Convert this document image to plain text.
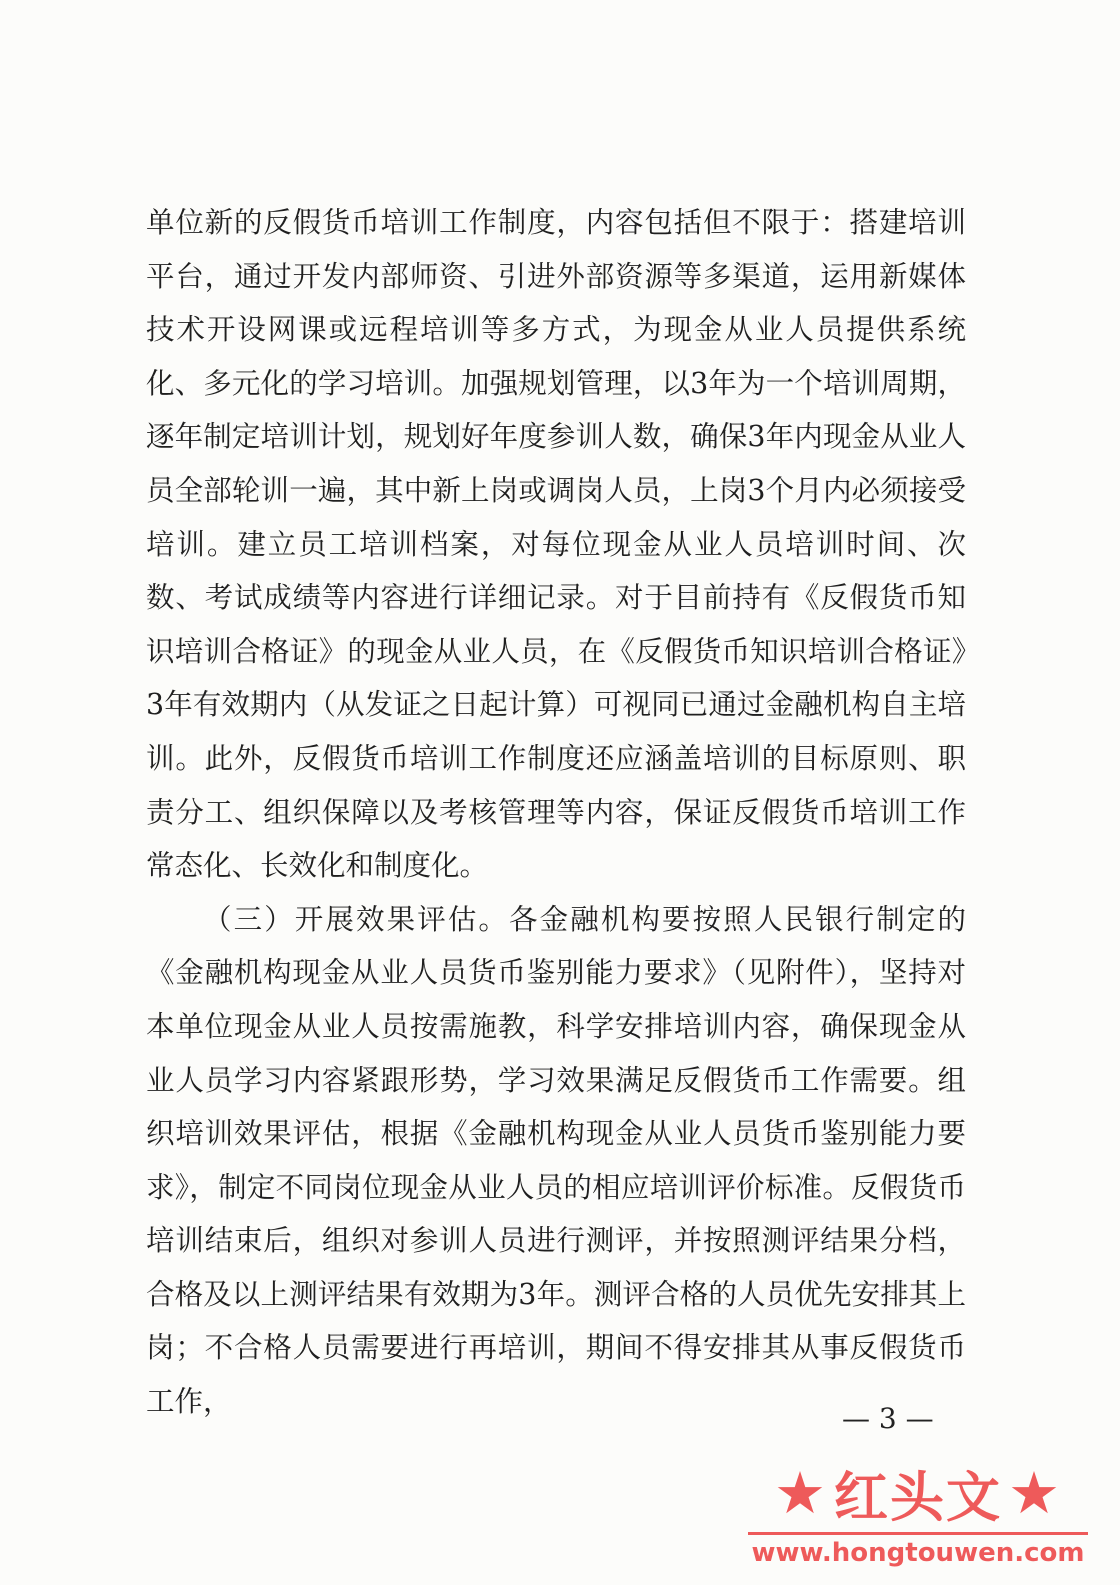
单位新的反假货币培训工作制度，内容包括但不限于：搭建培训平台，通过开发内部师资、引进外部资源等多渠道，运用新媒体技术开设网课或远程培训等多方式，为现金从业人员提供系统化、多元化的学习培训。加强规划管理，以3年为一个培训周期，逐年制定培训计划，规划好年度参训人数，确保3年内现金从业人员全部轮训一遍，其中新上岗或调岗人员，上岗3个月内必须接受培训。建立员工培训档案，对每位现金从业人员培训时间、次数、考试成绩等内容进行详细记录。对于目前持有《反假货币知识培训合格证》的现金从业人员，在《反假货币知识培训合格证》3年有效期内（从发证之日起计算）可视同已通过金融机构自主培训。此外，反假货币培训工作制度还应涵盖培训的目标原则、职责分工、组织保障以及考核管理等内容，保证反假货币培训工作常态化、长效化和制度化。

（三）开展效果评估。各金融机构要按照人民银行制定的《金融机构现金从业人员货币鉴别能力要求》（见附件），坚持对本单位现金从业人员按需施教，科学安排培训内容，确保现金从业人员学习内容紧跟形势，学习效果满足反假货币工作需要。组织培训效果评估，根据《金融机构现金从业人员货币鉴别能力要求》，制定不同岗位现金从业人员的相应培训评价标准。反假货币培训结束后，组织对参训人员进行测评，并按照测评结果分档，合格及以上测评结果有效期为3年。测评合格的人员优先安排其上岗；不合格人员需要进行再培训，期间不得安排其从事反假货币工作，

— 3 —
★ 红头文 ★
www.hongtouwen.com
